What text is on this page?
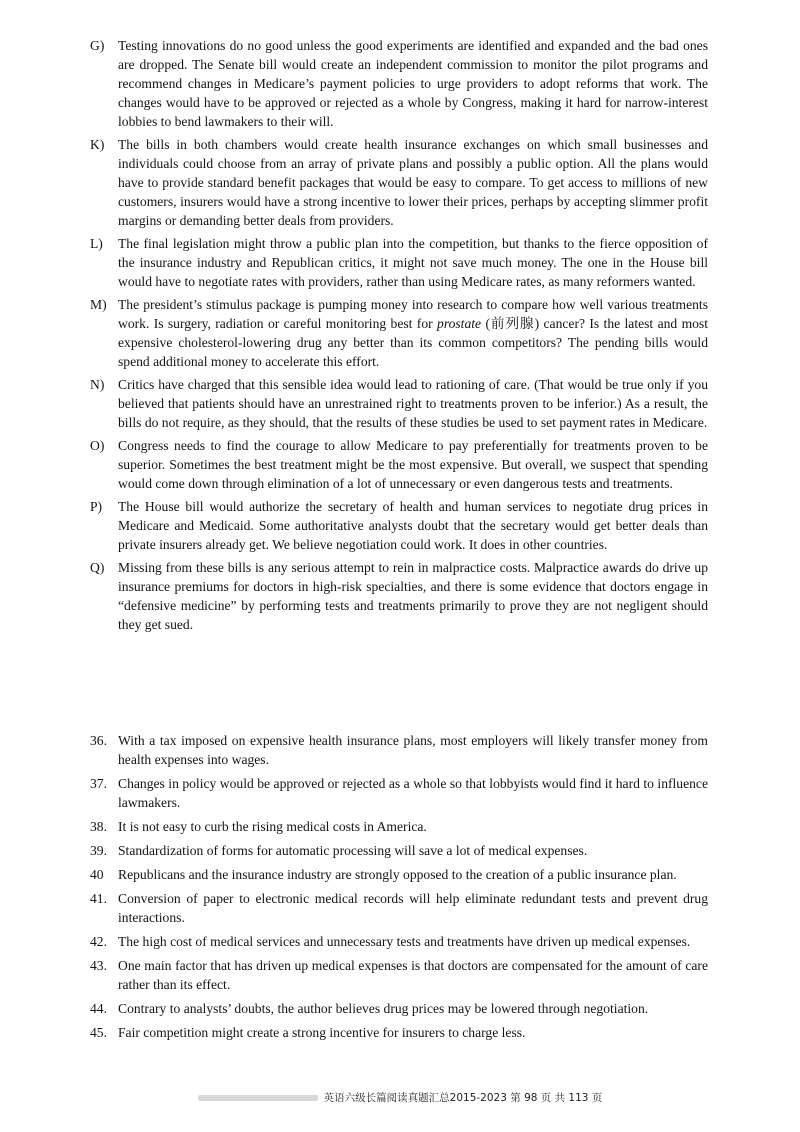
G)	Testing innovations do no good unless the good experiments are identified and expanded and the bad ones are dropped. The Senate bill would create an independent commission to monitor the pilot programs and recommend changes in Medicare’s payment policies to urge providers to adopt reforms that work. The changes would have to be approved or rejected as a whole by Congress, making it hard for narrow-interest lobbies to bend lawmakers to their will.
K)	The bills in both chambers would create health insurance exchanges on which small businesses and individuals could choose from an array of private plans and possibly a public option. All the plans would have to provide standard benefit packages that would be easy to compare. To get access to millions of new customers, insurers would have a strong incentive to lower their prices, perhaps by accepting slimmer profit margins or demanding better deals from providers.
L)	The final legislation might throw a public plan into the competition, but thanks to the fierce opposition of the insurance industry and Republican critics, it might not save much money. The one in the House bill would have to negotiate rates with providers, rather than using Medicare rates, as many reformers wanted.
M) The president’s stimulus package is pumping money into research to compare how well various treatments work. Is surgery, radiation or careful monitoring best for prostate (前列腺) cancer? Is the latest and most expensive cholesterol-lowering drug any better than its common competitors? The pending bills would spend additional money to accelerate this effort.
N)	Critics have charged that this sensible idea would lead to rationing of care. (That would be true only if you believed that patients should have an unrestrained right to treatments proven to be inferior.) As a result, the bills do not require, as they should, that the results of these studies be used to set payment rates in Medicare.
O)	Congress needs to find the courage to allow Medicare to pay preferentially for treatments proven to be superior. Sometimes the best treatment might be the most expensive. But overall, we suspect that spending would come down through elimination of a lot of unnecessary or even dangerous tests and treatments.
P)	The House bill would authorize the secretary of health and human services to negotiate drug prices in Medicare and Medicaid. Some authoritative analysts doubt that the secretary would get better deals than private insurers already get. We believe negotiation could work. It does in other countries.
Q)	Missing from these bills is any serious attempt to rein in malpractice costs. Malpractice awards do drive up insurance premiums for doctors in high-risk specialties, and there is some evidence that doctors engage in “defensive medicine” by performing tests and treatments primarily to prove they are not negligent should they get sued.
36. With a tax imposed on expensive health insurance plans, most employers will likely transfer money from health expenses into wages.
37. Changes in policy would be approved or rejected as a whole so that lobbyists would find it hard to influence lawmakers.
38. It is not easy to curb the rising medical costs in America.
39. Standardization of forms for automatic processing will save a lot of medical expenses.
40	Republicans and the insurance industry are strongly opposed to the creation of a public insurance plan.
41. Conversion of paper to electronic medical records will help eliminate redundant tests and prevent drug interactions.
42. The high cost of medical services and unnecessary tests and treatments have driven up medical expenses.
43. One main factor that has driven up medical expenses is that doctors are compensated for the amount of care rather than its effect.
44. Contrary to analysts’ doubts, the author believes drug prices may be lowered through negotiation.
45. Fair competition might create a strong incentive for insurers to charge less.
英语六级长篇阅读真题汇总2015-2023 第 98 页 共 113 页
